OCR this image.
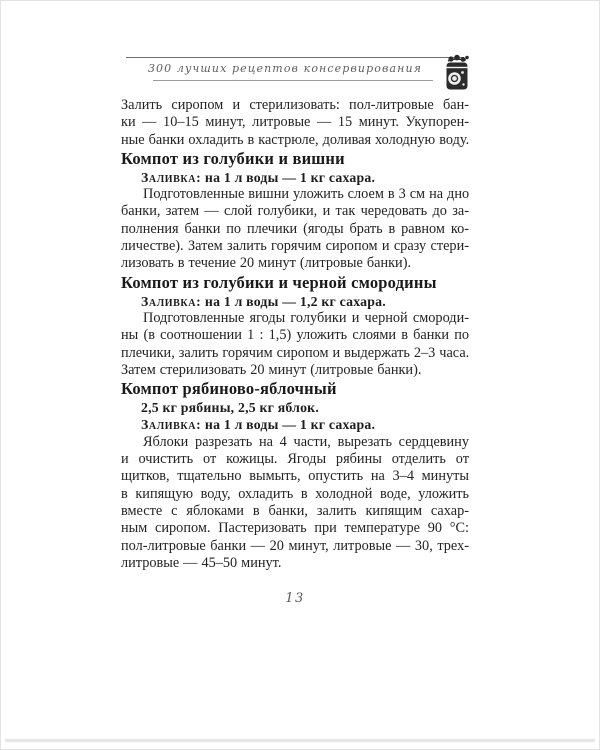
300 лучших рецептов консервирования
Залить сиропом и стерилизовать: пол-литровые бан-
ки — 10–15 минут, литровые — 15 минут. Укупорен-
ные банки охладить в кастрюле, доливая холодную воду.
Компот из голубики и вишни
Заливка: на 1 л воды — 1 кг сахара.
Подготовленные вишни уложить слоем в 3 см на дно
банки, затем — слой голубики, и так чередовать до за-
полнения банки по плечики (ягоды брать в равном ко-
личестве). Затем залить горячим сиропом и сразу стери-
лизовать в течение 20 минут (литровые банки).
Компот из голубики и черной смородины
Заливка: на 1 л воды — 1,2 кг сахара.
Подготовленные ягоды голубики и черной смороди-
ны (в соотношении 1 : 1,5) уложить слоями в банки по
плечики, залить горячим сиропом и выдержать 2–3 часа.
Затем стерилизовать 20 минут (литровые банки).
Компот рябиново-яблочный
2,5 кг рябины, 2,5 кг яблок.
Заливка: на 1 л воды — 1 кг сахара.
Яблоки разрезать на 4 части, вырезать сердцевину
и очистить от кожицы. Ягоды рябины отделить от
щитков, тщательно вымыть, опустить на 3–4 минуты
в кипящую воду, охладить в холодной воде, уложить
вместе с яблоками в банки, залить кипящим сахар-
ным сиропом. Пастеризовать при температуре 90 °С:
пол-литровые банки — 20 минут, литровые — 30, трех-
литровые — 45–50 минут.
13
